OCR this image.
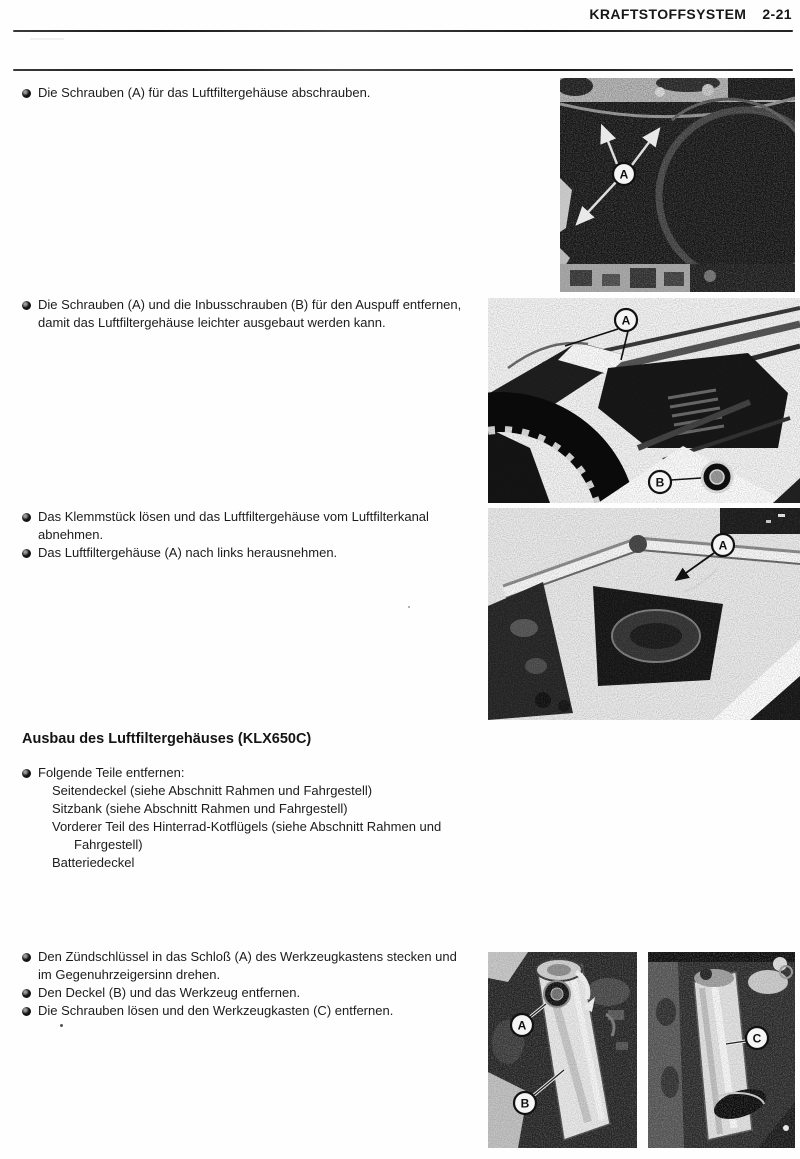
KRAFTSTOFFSYSTEM 2-21
Die Schrauben (A) für das Luftfiltergehäuse abschrauben.
Die Schrauben (A) und die Inbusschrauben (B) für den Auspuff entfernen, damit das Luftfiltergehäuse leichter ausgebaut werden kann.
Das Klemmstück lösen und das Luftfiltergehäuse vom Luftfilterkanal abnehmen.
Das Luftfiltergehäuse (A) nach links herausnehmen.
Ausbau des Luftfiltergehäuses (KLX650C)
Folgende Teile entfernen:
Seitendeckel (siehe Abschnitt Rahmen und Fahrgestell)
Sitzbank (siehe Abschnitt Rahmen und Fahrgestell)
Vorderer Teil des Hinterrad-Kotflügels (siehe Abschnitt Rahmen und Fahrgestell)
Batteriedeckel
Den Zündschlüssel in das Schloß (A) des Werkzeugkastens stecken und im Gegenuhrzeigersinn drehen.
Den Deckel (B) und das Werkzeug entfernen.
Die Schrauben lösen und den Werkzeugkasten (C) entfernen.
A
A
B
A
A
B
C
